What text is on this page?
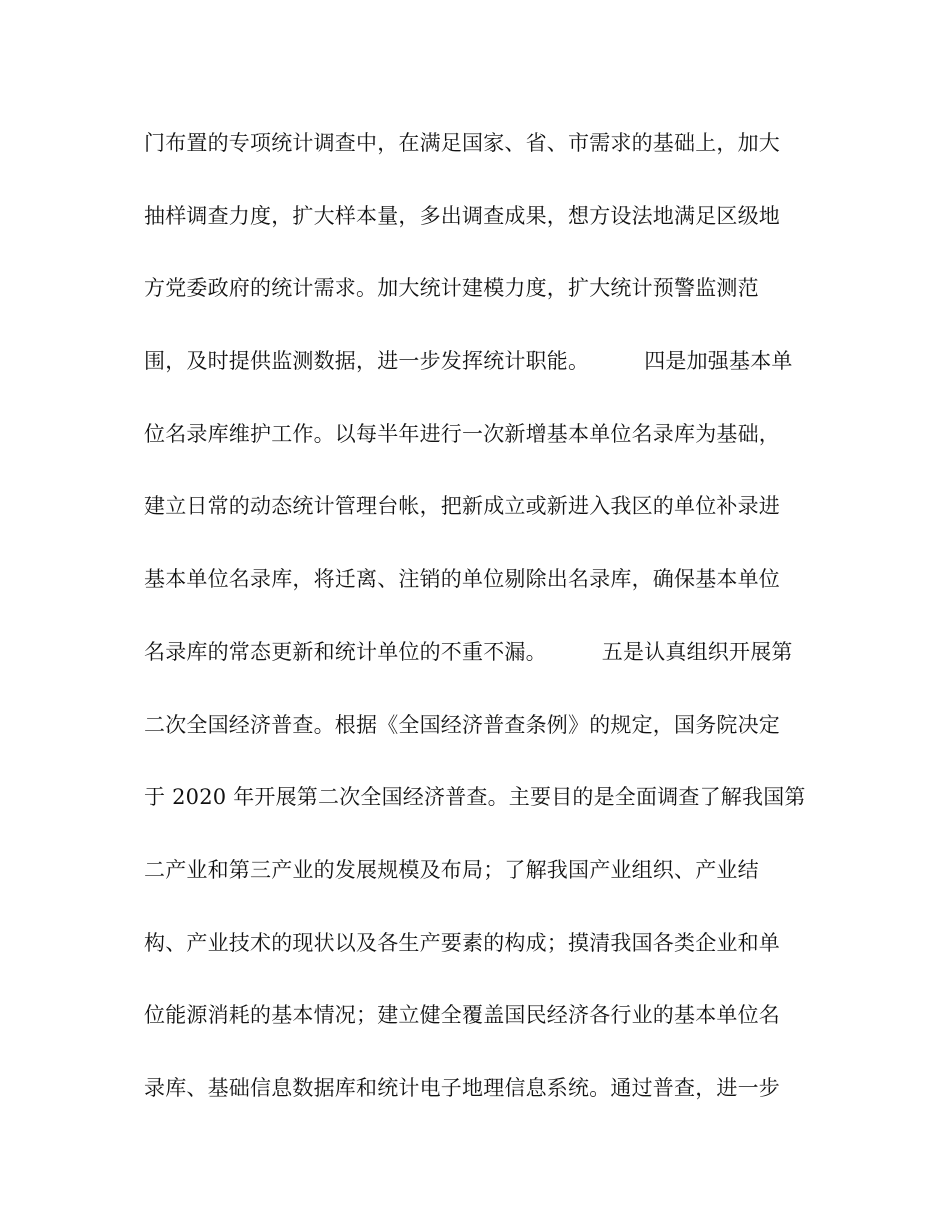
门布置的专项统计调查中，在满足国家、省、市需求的基础上，加大
抽样调查力度，扩大样本量，多出调查成果，想方设法地满足区级地
方党委政府的统计需求。加大统计建模力度，扩大统计预警监测范
围，及时提供监测数据，进一步发挥统计职能。        四是加强基本单
位名录库维护工作。以每半年进行一次新增基本单位名录库为基础，
建立日常的动态统计管理台帐，把新成立或新进入我区的单位补录进
基本单位名录库，将迁离、注销的单位剔除出名录库，确保基本单位
名录库的常态更新和统计单位的不重不漏。        五是认真组织开展第
二次全国经济普查。根据《全国经济普查条例》的规定，国务院决定
于 2020 年开展第二次全国经济普查。主要目的是全面调查了解我国第
二产业和第三产业的发展规模及布局；了解我国产业组织、产业结
构、产业技术的现状以及各生产要素的构成；摸清我国各类企业和单
位能源消耗的基本情况；建立健全覆盖国民经济各行业的基本单位名
录库、基础信息数据库和统计电子地理信息系统。通过普查，进一步
